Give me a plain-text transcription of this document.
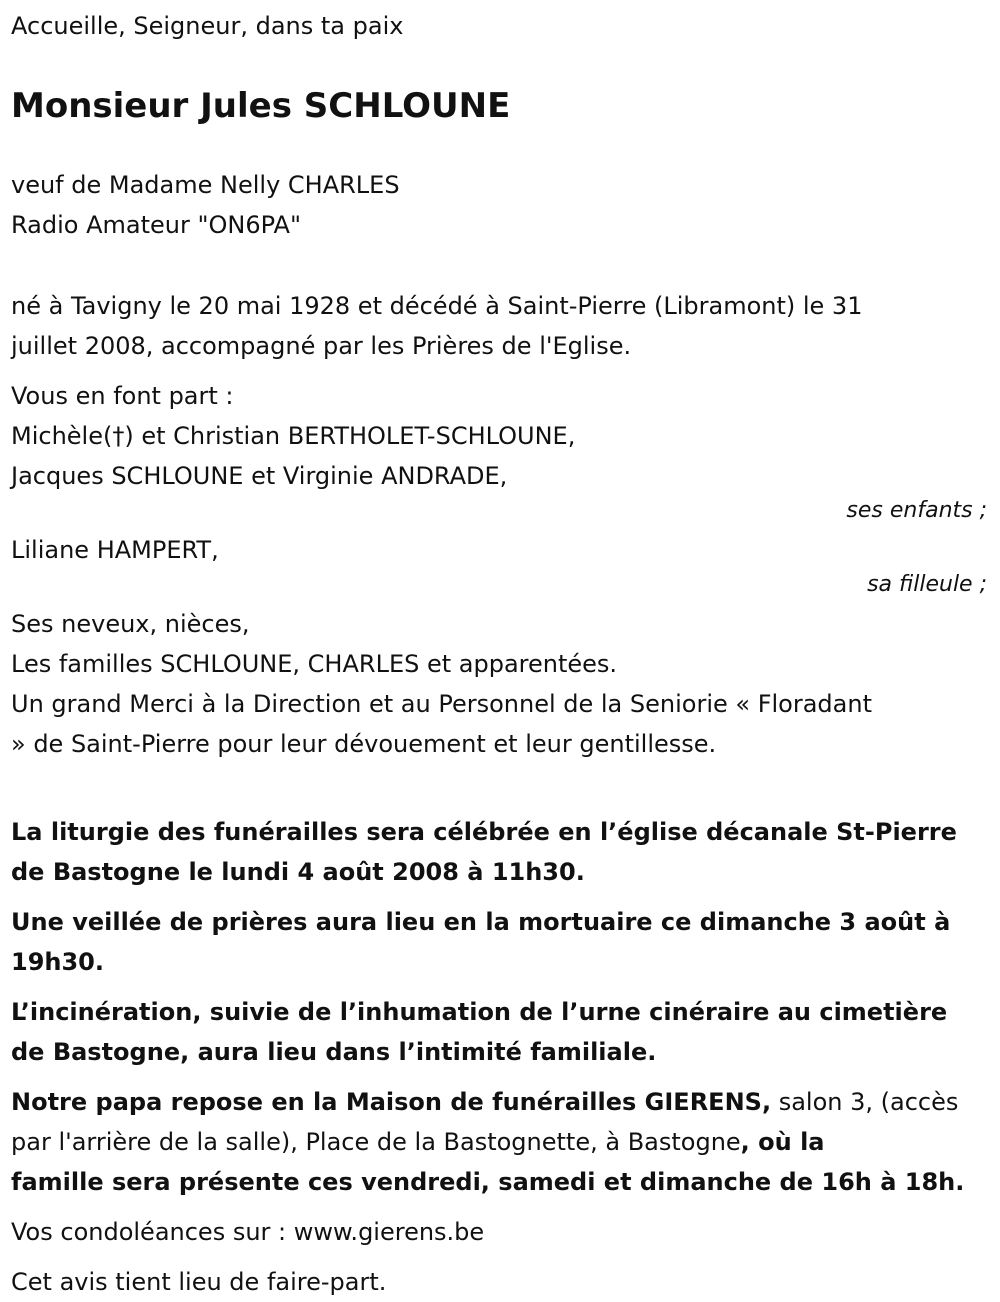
Accueille, Seigneur, dans ta paix

Monsieur Jules SCHLOUNE

veuf de Madame Nelly CHARLES

Radio Amateur "ON6PA"

né à Tavigny le 20 mai 1928 et décédé à Saint-Pierre (Libramont) le 31

juillet 2008, accompagné par les Prières de l'Eglise.

Vous en font part :

Michèle(†) et Christian BERTHOLET-SCHLOUNE,

Jacques SCHLOUNE et Virginie ANDRADE,

ses enfants ;

Liliane HAMPERT,

sa filleule ;

Ses neveux, nièces,

Les familles SCHLOUNE, CHARLES et apparentées.

Un grand Merci à la Direction et au Personnel de la Seniorie « Floradant

» de Saint-Pierre pour leur dévouement et leur gentillesse.

La liturgie des funérailles sera célébrée en l’église décanale St-Pierre

de Bastogne le lundi 4 août 2008 à 11h30.

Une veillée de prières aura lieu en la mortuaire ce dimanche 3 août à

19h30.

L’incinération, suivie de l’inhumation de l’urne cinéraire au cimetière

de Bastogne, aura lieu dans l’intimité familiale.

Notre papa repose en la Maison de funérailles GIERENS, salon 3, (accès

par l'arrière de la salle), Place de la Bastognette, à Bastogne, où la

famille sera présente ces vendredi, samedi et dimanche de 16h à 18h.

Vos condoléances sur : www.gierens.be

Cet avis tient lieu de faire-part.
